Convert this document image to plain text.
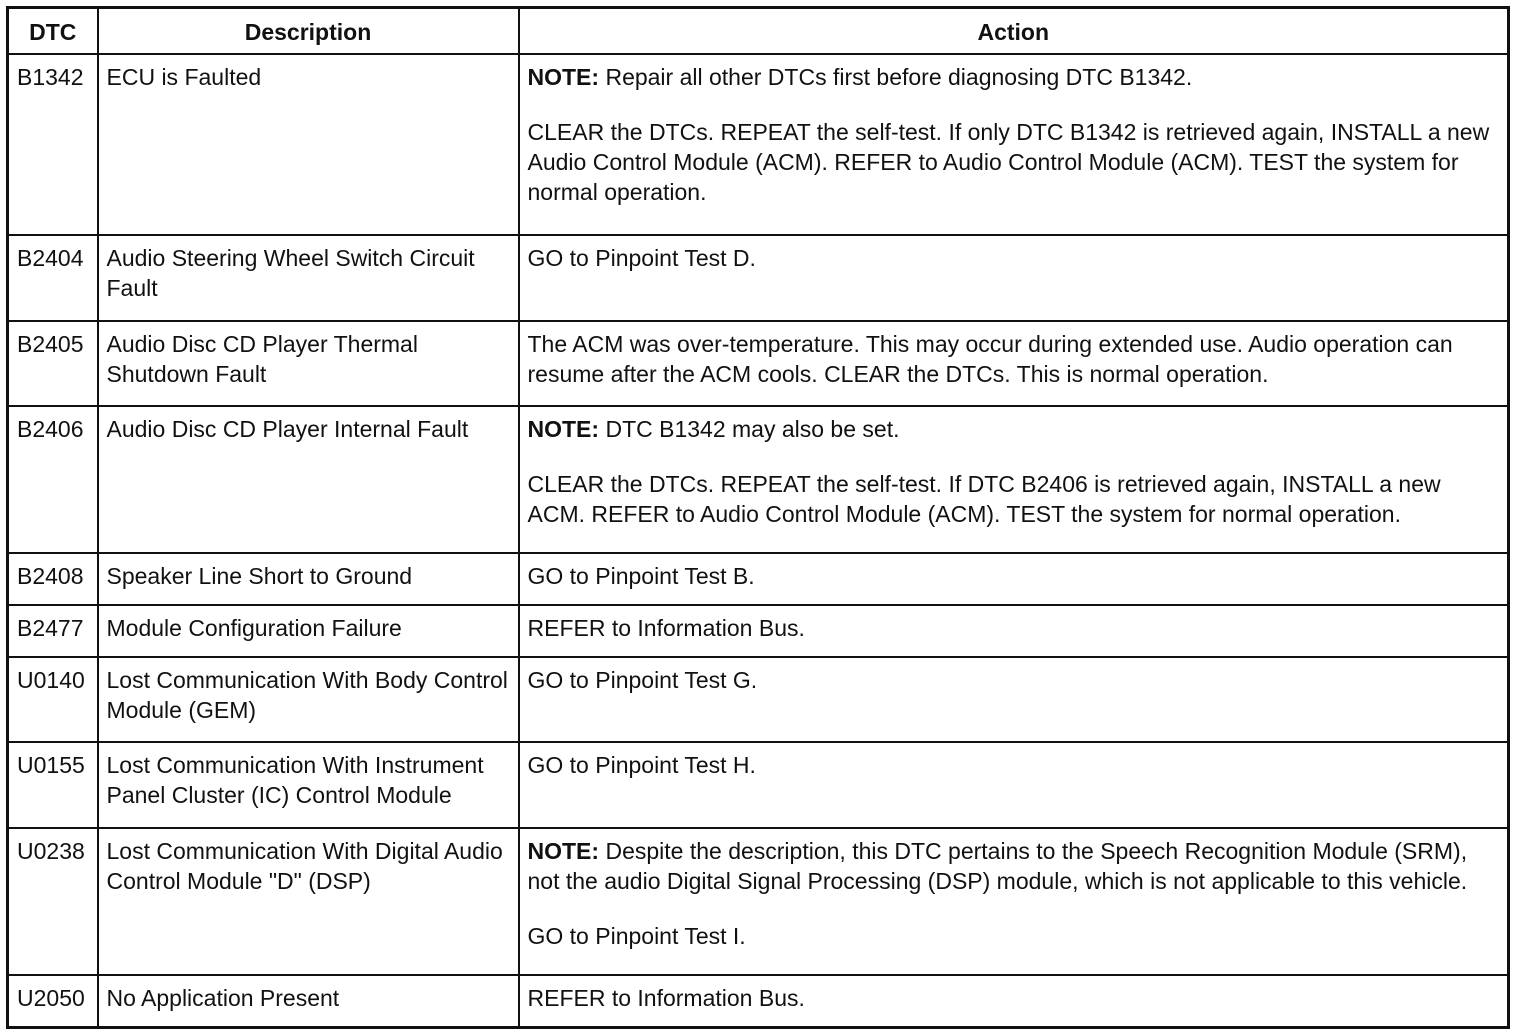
DTC	Description	Action
B1342	ECU is Faulted	NOTE: Repair all other DTCs first before diagnosing DTC B1342.

CLEAR the DTCs. REPEAT the self-test. If only DTC B1342 is retrieved again, INSTALL a new Audio Control Module (ACM). REFER to Audio Control Module (ACM). TEST the system for normal operation.

B2404	Audio Steering Wheel Switch Circuit Fault	GO to Pinpoint Test D.

B2405	Audio Disc CD Player Thermal Shutdown Fault	The ACM was over-temperature. This may occur during extended use. Audio operation can resume after the ACM cools. CLEAR the DTCs. This is normal operation.

B2406	Audio Disc CD Player Internal Fault	NOTE: DTC B1342 may also be set.

CLEAR the DTCs. REPEAT the self-test. If DTC B2406 is retrieved again, INSTALL a new ACM. REFER to Audio Control Module (ACM). TEST the system for normal operation.

B2408	Speaker Line Short to Ground	GO to Pinpoint Test B.

B2477	Module Configuration Failure	REFER to Information Bus.

U0140	Lost Communication With Body Control Module (GEM)	GO to Pinpoint Test G.

U0155	Lost Communication With Instrument Panel Cluster (IC) Control Module	GO to Pinpoint Test H.

U0238	Lost Communication With Digital Audio Control Module "D" (DSP)	NOTE: Despite the description, this DTC pertains to the Speech Recognition Module (SRM), not the audio Digital Signal Processing (DSP) module, which is not applicable to this vehicle.

GO to Pinpoint Test I.

U2050	No Application Present	REFER to Information Bus.
